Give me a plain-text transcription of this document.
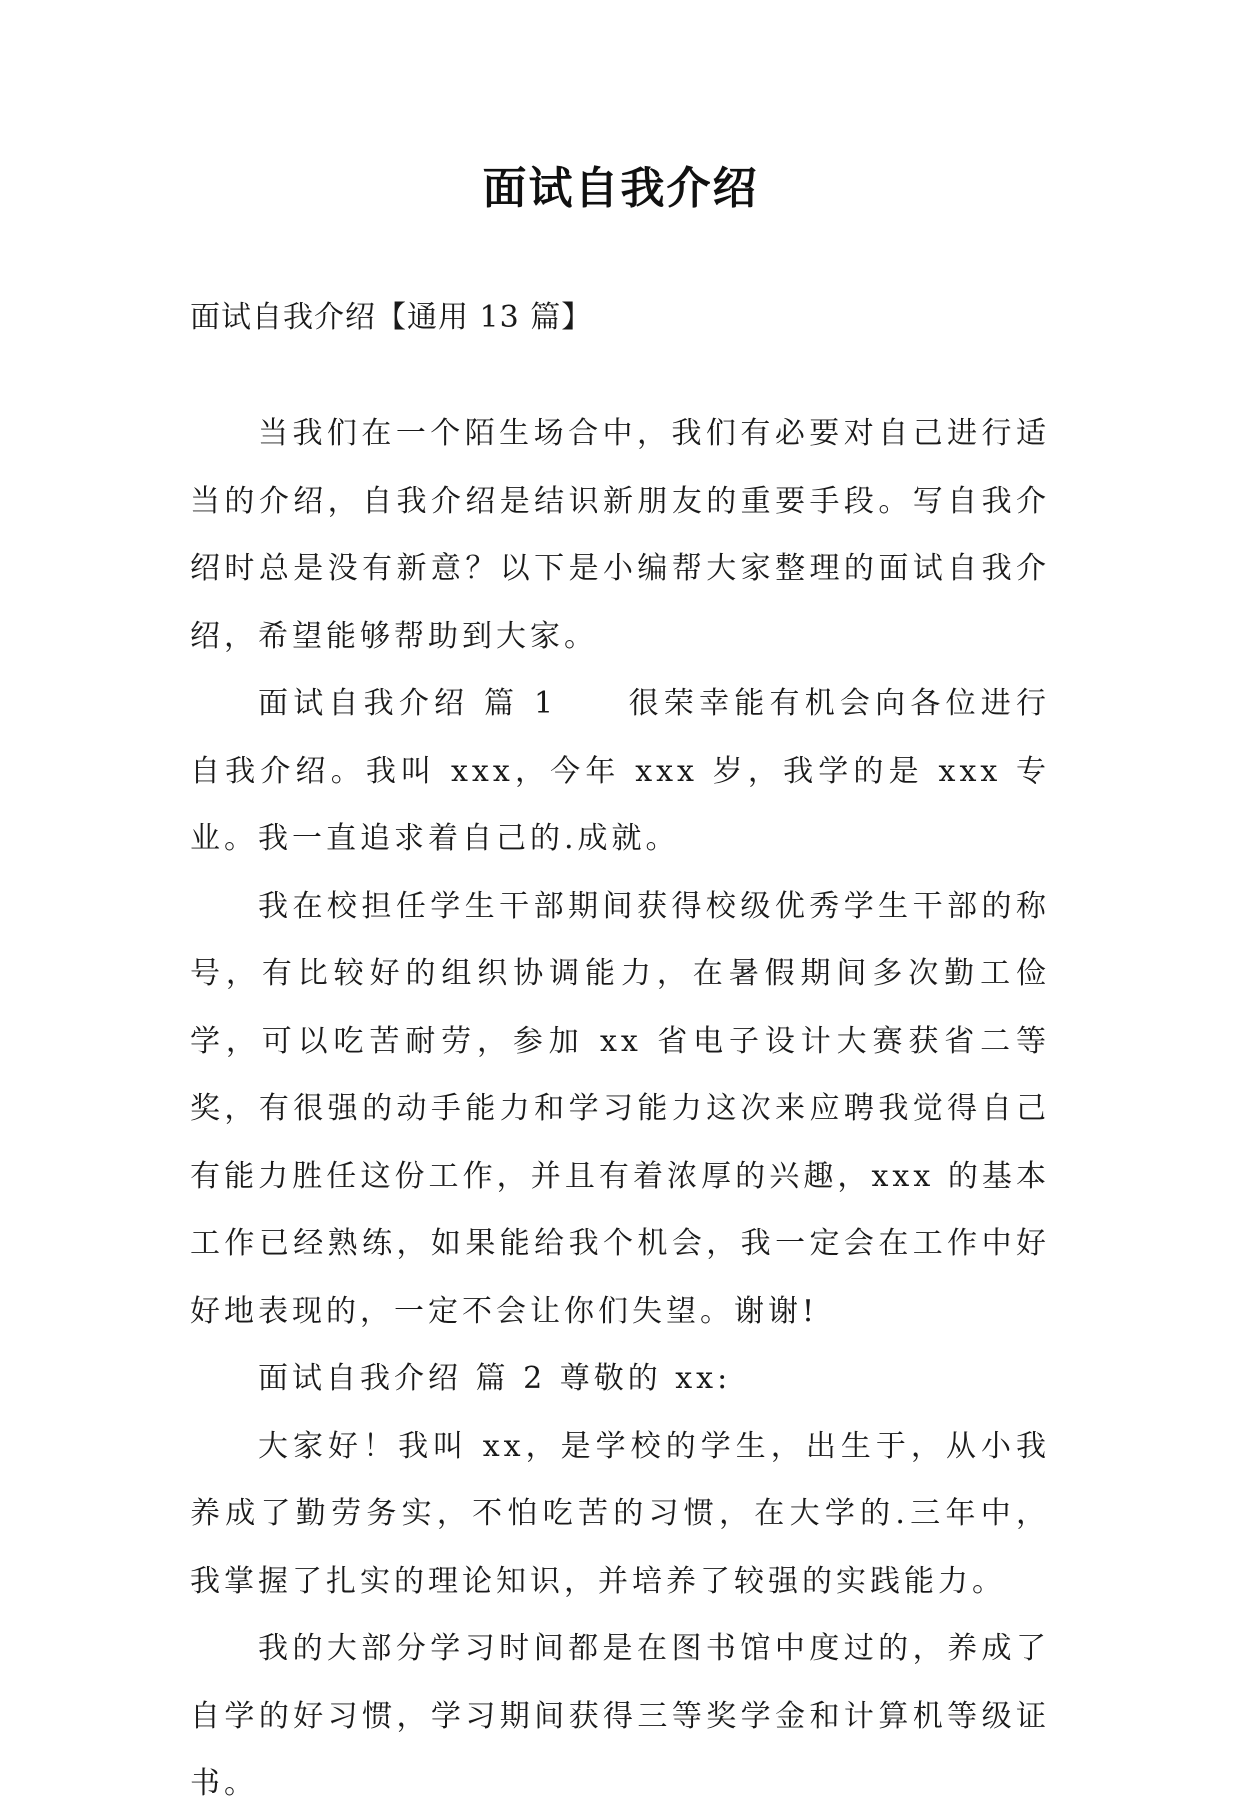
面试自我介绍
面试自我介绍【通用 13 篇】

当我们在一个陌生场合中，我们有必要对自己进行适当的介绍，自我介绍是结识新朋友的重要手段。写自我介绍时总是没有新意？以下是小编帮大家整理的面试自我介绍，希望能够帮助到大家。

面试自我介绍 篇 1　　很荣幸能有机会向各位进行自我介绍。我叫 xxx，今年 xxx 岁，我学的是 xxx 专业。我一直追求着自己的.成就。

我在校担任学生干部期间获得校级优秀学生干部的称号，有比较好的组织协调能力，在暑假期间多次勤工俭学，可以吃苦耐劳，参加 xx 省电子设计大赛获省二等奖，有很强的动手能力和学习能力这次来应聘我觉得自己有能力胜任这份工作，并且有着浓厚的兴趣，xxx 的基本工作已经熟练，如果能给我个机会，我一定会在工作中好好地表现的，一定不会让你们失望。谢谢!

面试自我介绍 篇 2 尊敬的 xx:

大家好！我叫 xx，是学校的学生，出生于，从小我养成了勤劳务实，不怕吃苦的习惯，在大学的.三年中，我掌握了扎实的理论知识，并培养了较强的实践能力。

我的大部分学习时间都是在图书馆中度过的，养成了自学的好习惯，学习期间获得三等奖学金和计算机等级证书。
